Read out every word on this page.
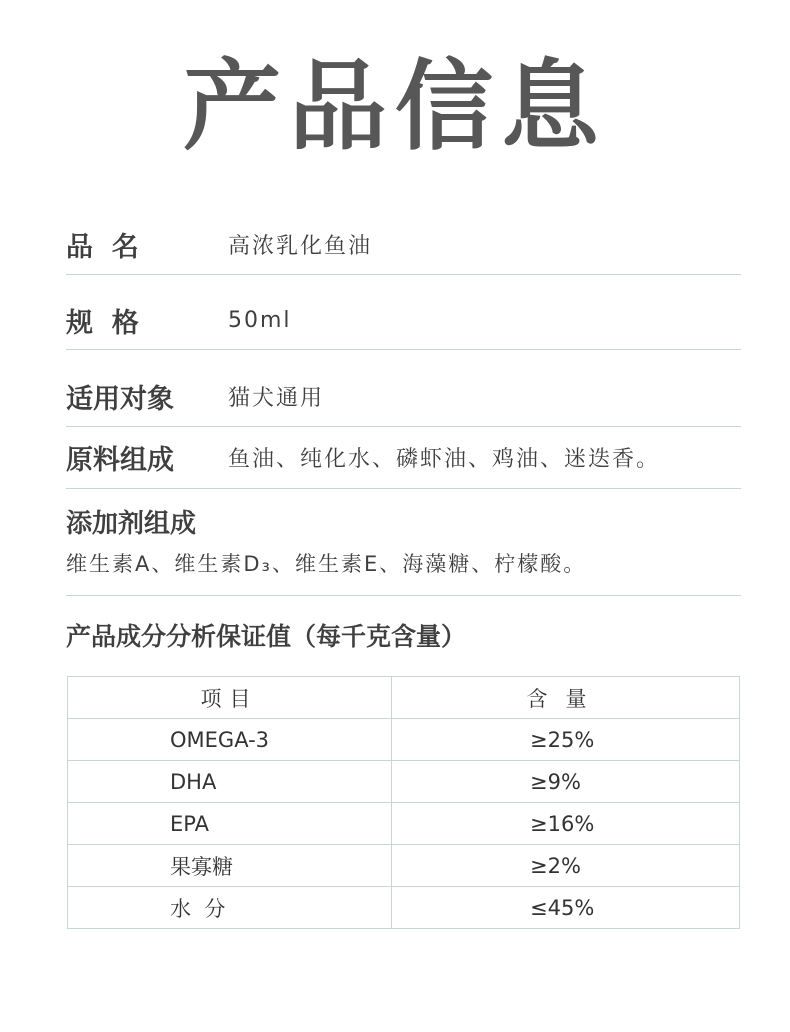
产品信息
品  名	高浓乳化鱼油
规  格	50ml
适用对象	猫犬通用
原料组成	鱼油、纯化水、磷虾油、鸡油、迷迭香。
添加剂组成
维生素A、维生素D₃、维生素E、海藻糖、柠檬酸。
产品成分分析保证值（每千克含量）
项目	含量
OMEGA-3	≥25%
DHA	≥9%
EPA	≥16%
果寡糖	≥2%
水  分	≤45%
